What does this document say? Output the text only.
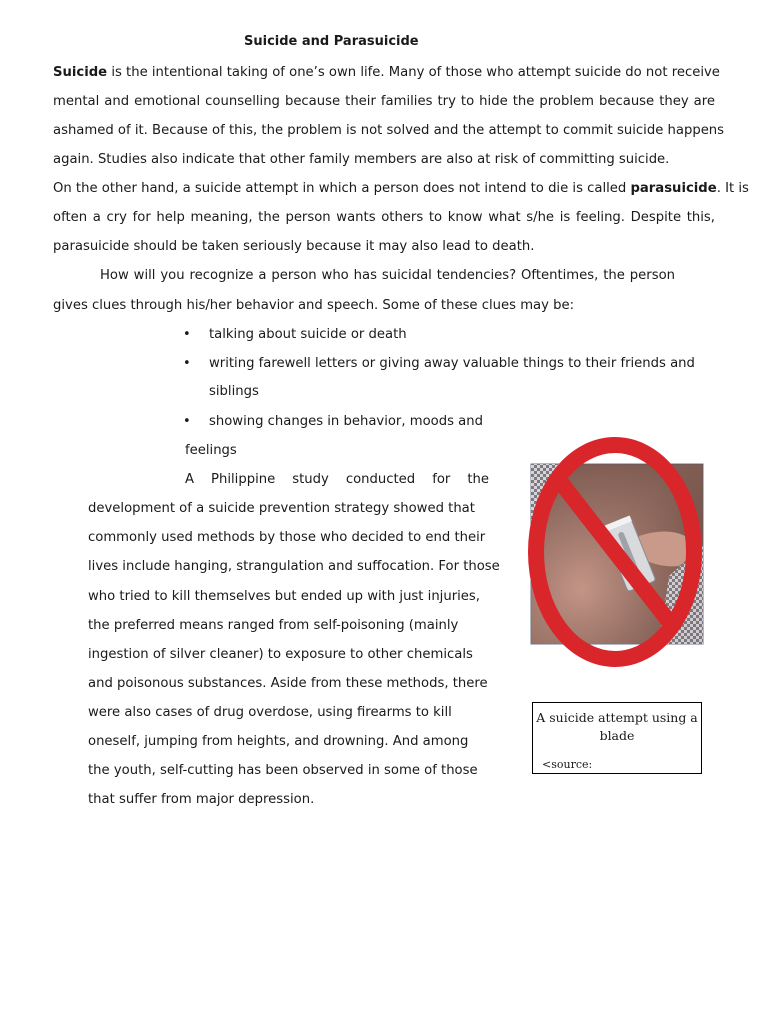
Suicide and Parasuicide
Suicide is the intentional taking of one’s own life. Many of those who attempt suicide do not receive
mental and emotional counselling because their families try to hide the problem because they are
ashamed of it. Because of this, the problem is not solved and the attempt to commit suicide happens
again. Studies also indicate that other family members are also at risk of committing suicide.
On the other hand, a suicide attempt in which a person does not intend to die is called parasuicide. It is
often a cry for help meaning, the person wants others to know what s/he is feeling. Despite this,
parasuicide should be taken seriously because it may also lead to death.
How will you recognize a person who has suicidal tendencies? Oftentimes, the person
gives clues through his/her behavior and speech. Some of these clues may be:
• talking about suicide or death
• writing farewell letters or giving away valuable things to their friends and
siblings
• showing changes in behavior, moods and
feelings
A Philippine study conducted for the
development of a suicide prevention strategy showed that
commonly used methods by those who decided to end their
lives include hanging, strangulation and suffocation. For those
who tried to kill themselves but ended up with just injuries,
the preferred means ranged from self-poisoning (mainly
ingestion of silver cleaner) to exposure to other chemicals
and poisonous substances. Aside from these methods, there
were also cases of drug overdose, using firearms to kill
oneself, jumping from heights, and drowning. And among
the youth, self-cutting has been observed in some of those
that suffer from major depression.
A suicide attempt using a blade
<source:
